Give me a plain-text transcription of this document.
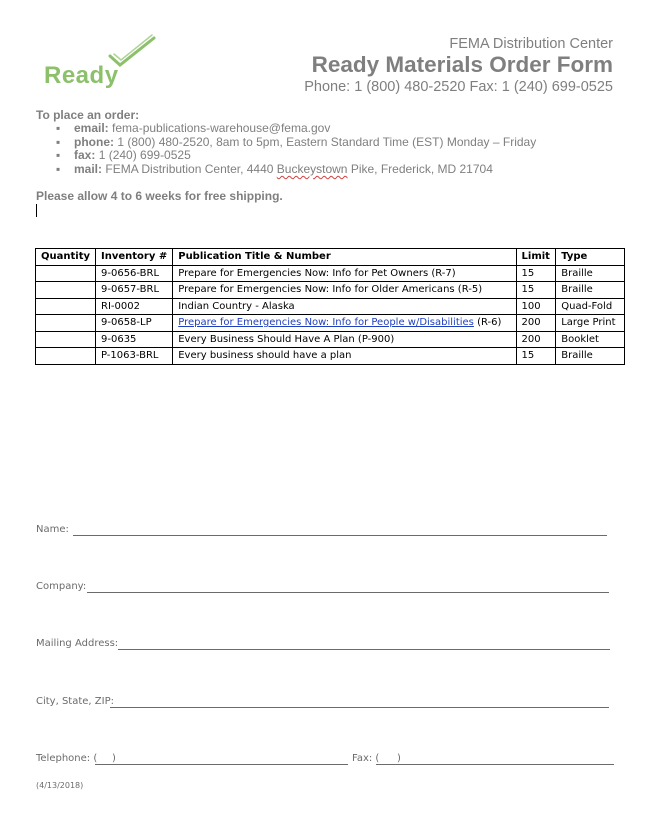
Ready
FEMA Distribution Center
Ready Materials Order Form
Phone: 1 (800) 480-2520 Fax: 1 (240) 699-0525
To place an order:
▪ email: fema-publications-warehouse@fema.gov
▪ phone: 1 (800) 480-2520, 8am to 5pm, Eastern Standard Time (EST) Monday – Friday
▪ fax: 1 (240) 699-0525
▪ mail: FEMA Distribution Center, 4440 Buckeystown Pike, Frederick, MD 21704
Please allow 4 to 6 weeks for free shipping.
Quantity	Inventory #	Publication Title & Number	Limit	Type
	9-0656-BRL	Prepare for Emergencies Now: Info for Pet Owners (R-7)	15	Braille
	9-0657-BRL	Prepare for Emergencies Now: Info for Older Americans (R-5)	15	Braille
	RI-0002	Indian Country - Alaska	100	Quad-Fold
	9-0658-LP	Prepare for Emergencies Now: Info for People w/Disabilities (R-6)	200	Large Print
	9-0635	Every Business Should Have A Plan (P-900)	200	Booklet
	P-1063-BRL	Every business should have a plan	15	Braille
Name:
Company:
Mailing Address:
City, State, ZIP:
Telephone: ( )	Fax: ( )
(4/13/2018)
